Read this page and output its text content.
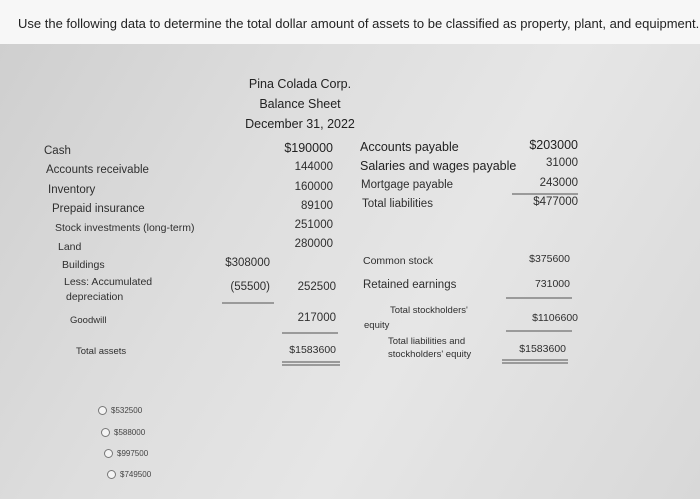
Use the following data to determine the total dollar amount of assets to be classified as property, plant, and equipment.
Pina Colada Corp.
Balance Sheet
December 31, 2022
Cash
Accounts receivable
Inventory
Prepaid insurance
Stock investments (long-term)
Land
Buildings
Less: Accumulated
depreciation
Goodwill
Total assets
$308000
(55500)
$190000
144000
160000
89100
251000
280000
252500
217000
$1583600
Accounts payable
Salaries and wages payable
Mortgage payable
Total liabilities
$203000
31000
243000
$477000
Common stock
Retained earnings
Total stockholders'
equity
Total liabilities and
stockholders' equity
$375600
731000
$1106600
$1583600
$532500
$588000
$997500
$749500
